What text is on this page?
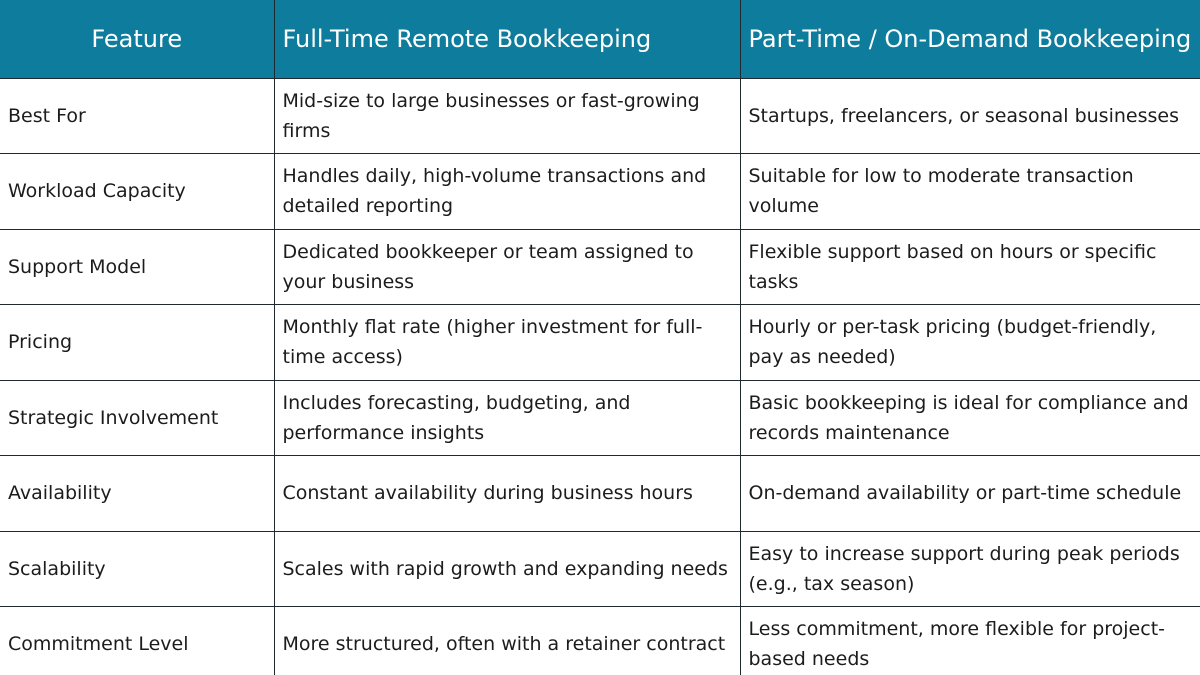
Feature	Full-Time Remote Bookkeeping	Part-Time / On-Demand Bookkeeping
Best For	Mid-size to large businesses or fast-growing firms	Startups, freelancers, or seasonal businesses
Workload Capacity	Handles daily, high-volume transactions and detailed reporting	Suitable for low to moderate transaction volume
Support Model	Dedicated bookkeeper or team assigned to your business	Flexible support based on hours or specific tasks
Pricing	Monthly flat rate (higher investment for full-time access)	Hourly or per-task pricing (budget-friendly, pay as needed)
Strategic Involvement	Includes forecasting, budgeting, and performance insights	Basic bookkeeping is ideal for compliance and records maintenance
Availability	Constant availability during business hours	On-demand availability or part-time schedule
Scalability	Scales with rapid growth and expanding needs	Easy to increase support during peak periods (e.g., tax season)
Commitment Level	More structured, often with a retainer contract	Less commitment, more flexible for project-based needs
